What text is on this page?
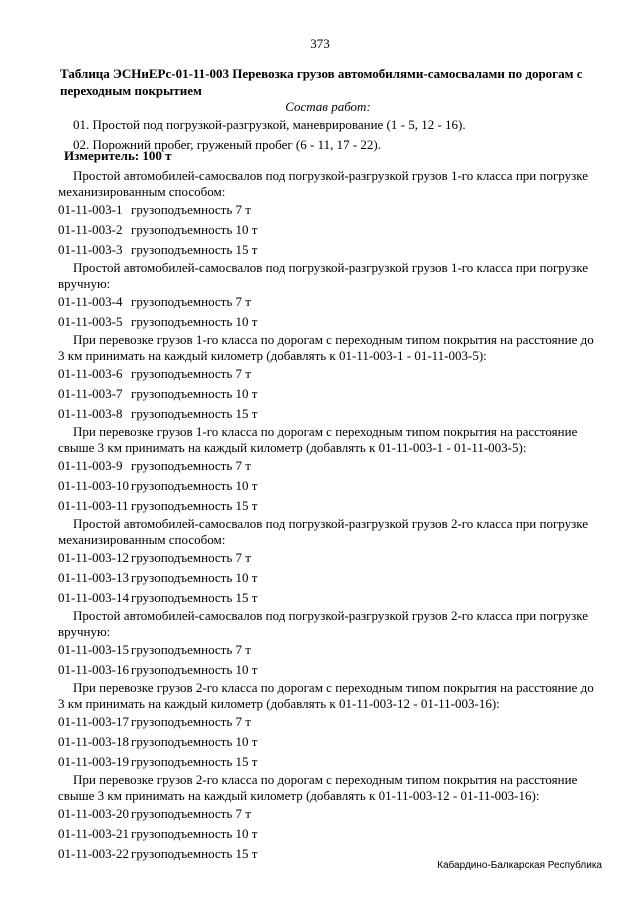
373
Таблица ЭСНиЕРс-01-11-003 Перевозка грузов автомобилями-самосвалами по дорогам с переходным покрытием
Состав работ:
01. Простой под погрузкой-разгрузкой, маневрирование (1 - 5, 12 - 16).
02. Порожний пробег, груженый пробег (6 - 11, 17 - 22).
Измеритель: 100 т
Простой автомобилей-самосвалов под погрузкой-разгрузкой грузов 1-го класса при погрузке
механизированным способом:
01-11-003-1 грузоподъемность 7 т
01-11-003-2 грузоподъемность 10 т
01-11-003-3 грузоподъемность 15 т
Простой автомобилей-самосвалов под погрузкой-разгрузкой грузов 1-го класса при погрузке
вручную:
01-11-003-4 грузоподъемность 7 т
01-11-003-5 грузоподъемность 10 т
При перевозке грузов 1-го класса по дорогам с переходным типом покрытия на расстояние до
3 км принимать на каждый километр (добавлять к 01-11-003-1 - 01-11-003-5):
01-11-003-6 грузоподъемность 7 т
01-11-003-7 грузоподъемность 10 т
01-11-003-8 грузоподъемность 15 т
При перевозке грузов 1-го класса по дорогам с переходным типом покрытия на расстояние
свыше 3 км принимать на каждый километр (добавлять к 01-11-003-1 - 01-11-003-5):
01-11-003-9 грузоподъемность 7 т
01-11-003-10 грузоподъемность 10 т
01-11-003-11 грузоподъемность 15 т
Простой автомобилей-самосвалов под погрузкой-разгрузкой грузов 2-го класса при погрузке
механизированным способом:
01-11-003-12 грузоподъемность 7 т
01-11-003-13 грузоподъемность 10 т
01-11-003-14 грузоподъемность 15 т
Простой автомобилей-самосвалов под погрузкой-разгрузкой грузов 2-го класса при погрузке
вручную:
01-11-003-15 грузоподъемность 7 т
01-11-003-16 грузоподъемность 10 т
При перевозке грузов 2-го класса по дорогам с переходным типом покрытия на расстояние до
3 км принимать на каждый километр (добавлять к 01-11-003-12 - 01-11-003-16):
01-11-003-17 грузоподъемность 7 т
01-11-003-18 грузоподъемность 10 т
01-11-003-19 грузоподъемность 15 т
При перевозке грузов 2-го класса по дорогам с переходным типом покрытия на расстояние
свыше 3 км принимать на каждый километр (добавлять к 01-11-003-12 - 01-11-003-16):
01-11-003-20 грузоподъемность 7 т
01-11-003-21 грузоподъемность 10 т
01-11-003-22 грузоподъемность 15 т
Кабардино-Балкарская Республика
